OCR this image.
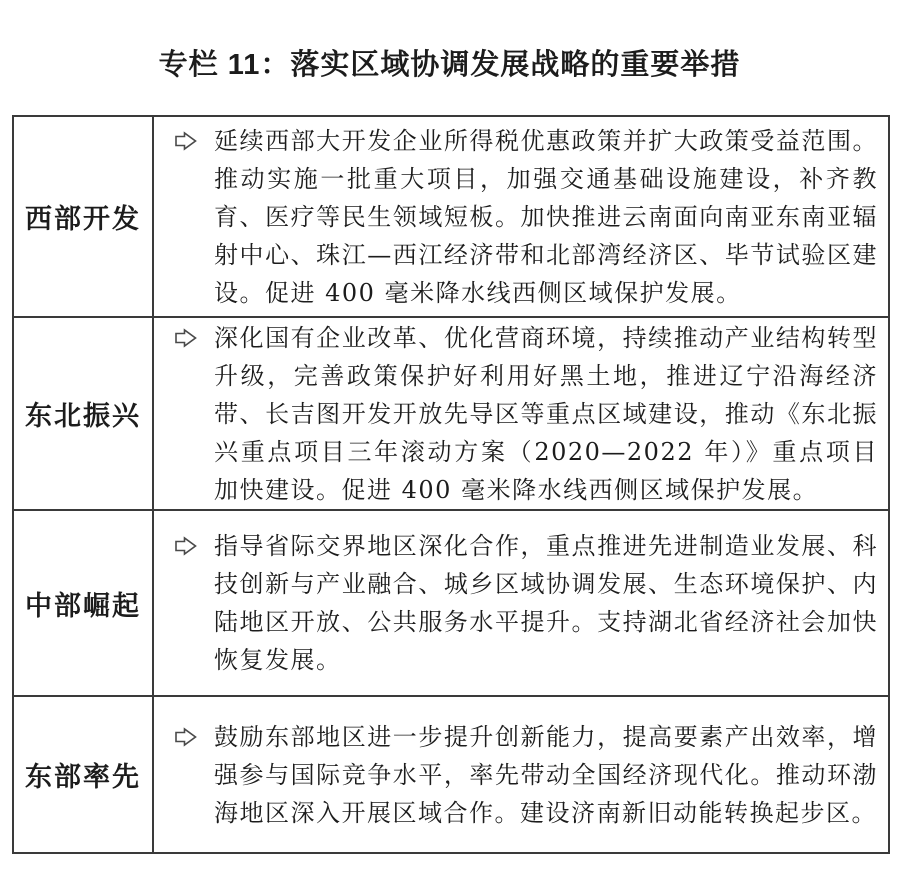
专栏 11：落实区域协调发展战略的重要举措
西部开发

延续西部大开发企业所得税优惠政策并扩大政策受益范围。推动实施一批重大项目，加强交通基础设施建设，补齐教育、医疗等民生领域短板。加快推进云南面向南亚东南亚辐射中心、珠江—西江经济带和北部湾经济区、毕节试验区建设。促进 400 毫米降水线西侧区域保护发展。

东北振兴

深化国有企业改革、优化营商环境，持续推动产业结构转型升级，完善政策保护好利用好黑土地，推进辽宁沿海经济带、长吉图开发开放先导区等重点区域建设，推动《东北振兴重点项目三年滚动方案（2020—2022 年）》重点项目加快建设。促进 400 毫米降水线西侧区域保护发展。

中部崛起

指导省际交界地区深化合作，重点推进先进制造业发展、科技创新与产业融合、城乡区域协调发展、生态环境保护、内陆地区开放、公共服务水平提升。支持湖北省经济社会加快恢复发展。

东部率先

鼓励东部地区进一步提升创新能力，提高要素产出效率，增强参与国际竞争水平，率先带动全国经济现代化。推动环渤海地区深入开展区域合作。建设济南新旧动能转换起步区。
